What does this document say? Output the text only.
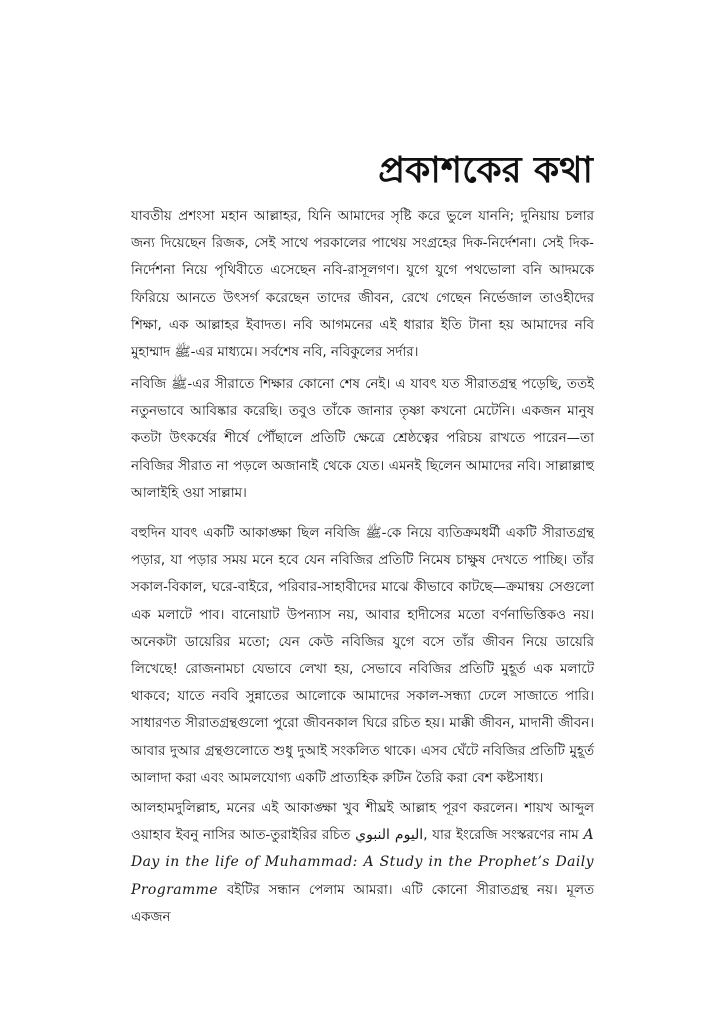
প্রকাশকের কথা

যাবতীয় প্রশংসা মহান আল্লাহর, যিনি আমাদের সৃষ্টি করে ভুলে যাননি; দুনিয়ায় চলার জন্য দিয়েছেন রিজক, সেই সাথে পরকালের পাথেয় সংগ্রহের দিক-নির্দেশনা। সেই দিক-নির্দেশনা নিয়ে পৃথিবীতে এসেছেন নবি-রাসূলগণ। যুগে যুগে পথভোলা বনি আদমকে ফিরিয়ে আনতে উৎসর্গ করেছেন তাদের জীবন, রেখে গেছেন নির্ভেজাল তাওহীদের শিক্ষা, এক আল্লাহর ইবাদত। নবি আগমনের এই ধারার ইতি টানা হয় আমাদের নবি মুহাম্মাদ ﷺ-এর মাধ্যমে। সর্বশেষ নবি, নবিকুলের সর্দার।

নবিজি ﷺ-এর সীরাতে শিক্ষার কোনো শেষ নেই। এ যাবৎ যত সীরাতগ্রন্থ পড়েছি, ততই নতুনভাবে আবিষ্কার করেছি। তবুও তাঁকে জানার তৃষ্ণা কখনো মেটেনি। একজন মানুষ কতটা উৎকর্ষের শীর্ষে পৌঁছালে প্রতিটি ক্ষেত্রে শ্রেষ্ঠত্বের পরিচয় রাখতে পারেন—তা নবিজির সীরাত না পড়লে অজানাই থেকে যেত। এমনই ছিলেন আমাদের নবি। সাল্লাল্লাহু আলাইহি ওয়া সাল্লাম।

বহুদিন যাবৎ একটি আকাঙ্ক্ষা ছিল নবিজি ﷺ-কে নিয়ে ব্যতিক্রমধর্মী একটি সীরাতগ্রন্থ পড়ার, যা পড়ার সময় মনে হবে যেন নবিজির প্রতিটি নিমেষ চাক্ষুষ দেখতে পাচ্ছি। তাঁর সকাল-বিকাল, ঘরে-বাইরে, পরিবার-সাহাবীদের মাঝে কীভাবে কাটছে—ক্রমান্বয় সেগুলো এক মলাটে পাব। বানোয়াট উপন্যাস নয়, আবার হাদীসের মতো বর্ণনাভিত্তিকও নয়। অনেকটা ডায়েরির মতো; যেন কেউ নবিজির যুগে বসে তাঁর জীবন নিয়ে ডায়েরি লিখেছে! রোজনামচা যেভাবে লেখা হয়, সেভাবে নবিজির প্রতিটি মুহূর্ত এক মলাটে থাকবে; যাতে নববি সুন্নাতের আলোকে আমাদের সকাল-সন্ধ্যা ঢেলে সাজাতে পারি। সাধারণত সীরাতগ্রন্থগুলো পুরো জীবনকাল ঘিরে রচিত হয়। মাক্কী জীবন, মাদানী জীবন। আবার দুআর গ্রন্থগুলোতে শুধু দুআই সংকলিত থাকে। এসব ঘেঁটে নবিজির প্রতিটি মুহূর্ত আলাদা করা এবং আমলযোগ্য একটি প্রাত্যহিক রুটিন তৈরি করা বেশ কষ্টসাধ্য।

আলহামদুলিল্লাহ, মনের এই আকাঙ্ক্ষা খুব শীঘ্রই আল্লাহ পূরণ করলেন। শায়খ আব্দুল ওয়াহাব ইবনু নাসির আত-তুরাইরির রচিত اليوم النبوي, যার ইংরেজি সংস্করণের নাম A Day in the life of Muhammad: A Study in the Prophet’s Daily Programme বইটির সন্ধান পেলাম আমরা। এটি কোনো সীরাতগ্রন্থ নয়। মূলত একজন
